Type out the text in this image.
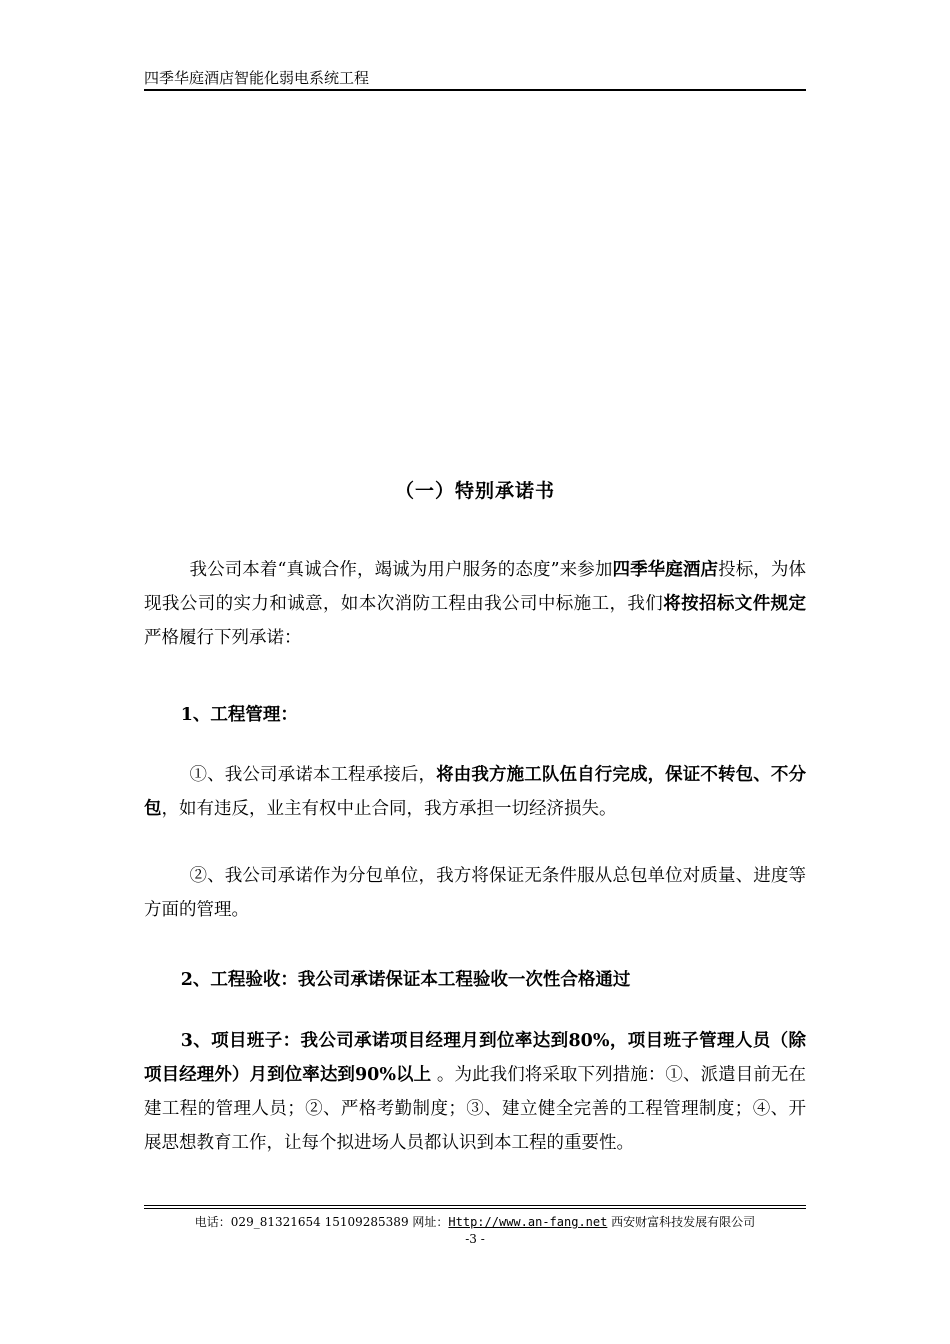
四季华庭酒店智能化弱电系统工程
（一）特别承诺书

我公司本着“真诚合作，竭诚为用户服务的态度”来参加四季华庭酒店投标，为体现我公司的实力和诚意，如本次消防工程由我公司中标施工，我们将按招标文件规定严格履行下列承诺：

1、工程管理：

①、我公司承诺本工程承接后，将由我方施工队伍自行完成，保证不转包、不分包，如有违反，业主有权中止合同，我方承担一切经济损失。

②、我公司承诺作为分包单位，我方将保证无条件服从总包单位对质量、进度等方面的管理。

2、工程验收：我公司承诺保证本工程验收一次性合格通过

3、项目班子：我公司承诺项目经理月到位率达到80%，项目班子管理人员（除项目经理外）月到位率达到90%以上 。为此我们将采取下列措施：①、派遣目前无在建工程的管理人员；②、严格考勤制度；③、建立健全完善的工程管理制度；④、开展思想教育工作，让每个拟进场人员都认识到本工程的重要性。

电话：029_81321654 15109285389 网址：Http://www.an-fang.net 西安财富科技发展有限公司
-3 -
